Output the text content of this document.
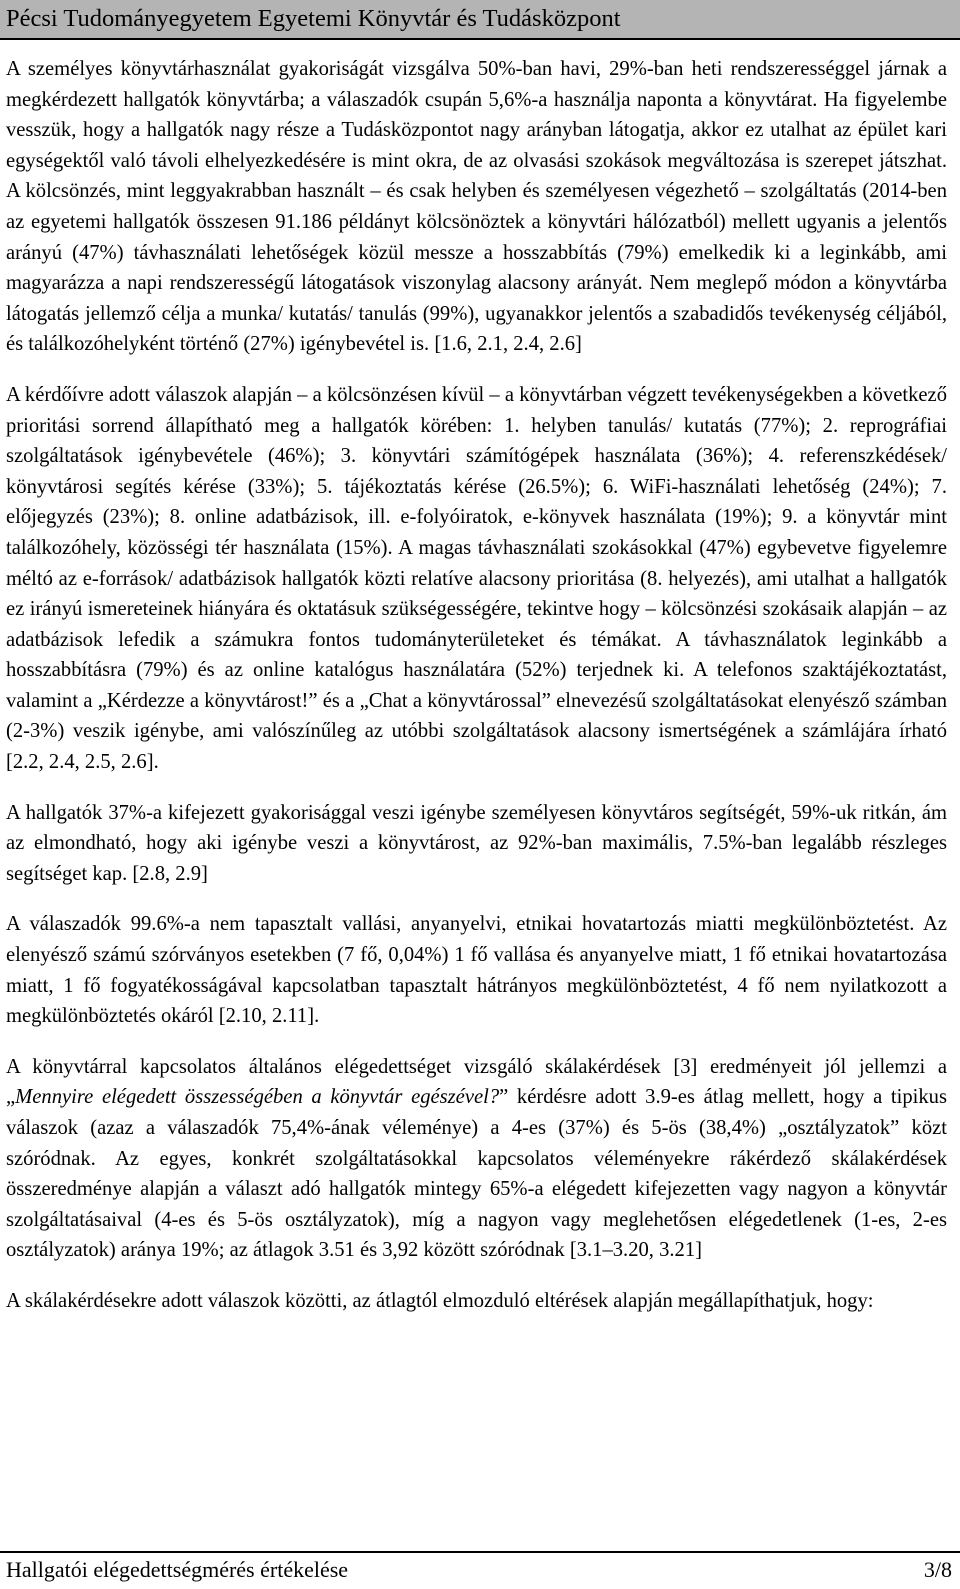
Pécsi Tudományegyetem Egyetemi Könyvtár és Tudásközpont

A személyes könyvtárhasználat gyakoriságát vizsgálva 50%-ban havi, 29%-ban heti rendszerességgel járnak a megkérdezett hallgatók könyvtárba; a válaszadók csupán 5,6%-a használja naponta a könyvtárat. Ha figyelembe vesszük, hogy a hallgatók nagy része a Tudásközpontot nagy arányban látogatja, akkor ez utalhat az épület kari egységektől való távoli elhelyezkedésére is mint okra, de az olvasási szokások megváltozása is szerepet játszhat. A kölcsönzés, mint leggyakrabban használt – és csak helyben és személyesen végezhető – szolgáltatás (2014-ben az egyetemi hallgatók összesen 91.186 példányt kölcsönöztek a könyvtári hálózatból) mellett ugyanis a jelentős arányú (47%) távhasználati lehetőségek közül messze a hosszabbítás (79%) emelkedik ki a leginkább, ami magyarázza a napi rendszerességű látogatások viszonylag alacsony arányát. Nem meglepő módon a könyvtárba látogatás jellemző célja a munka/ kutatás/ tanulás (99%), ugyanakkor jelentős a szabadidős tevékenység céljából, és találkozóhelyként történő (27%) igénybevétel is. [1.6, 2.1, 2.4, 2.6]

A kérdőívre adott válaszok alapján – a kölcsönzésen kívül – a könyvtárban végzett tevékenységekben a következő prioritási sorrend állapítható meg a hallgatók körében: 1. helyben tanulás/ kutatás (77%); 2. reprográfiai szolgáltatások igénybevétele (46%); 3. könyvtári számítógépek használata (36%); 4. referenszkédések/ könyvtárosi segítés kérése (33%); 5. tájékoztatás kérése (26.5%); 6. WiFi-használati lehetőség (24%); 7. előjegyzés (23%); 8. online adatbázisok, ill. e-folyóiratok, e-könyvek használata (19%); 9. a könyvtár mint találkozóhely, közösségi tér használata (15%). A magas távhasználati szokásokkal (47%) egybevetve figyelemre méltó az e-források/ adatbázisok hallgatók közti relatíve alacsony prioritása (8. helyezés), ami utalhat a hallgatók ez irányú ismereteinek hiányára és oktatásuk szükségességére, tekintve hogy – kölcsönzési szokásaik alapján – az adatbázisok lefedik a számukra fontos tudományterületeket és témákat. A távhasználatok leginkább a hosszabbításra (79%) és az online katalógus használatára (52%) terjednek ki. A telefonos szaktájékoztatást, valamint a „Kérdezze a könyvtárost!” és a „Chat a könyvtárossal” elnevezésű szolgáltatásokat elenyésző számban (2-3%) veszik igénybe, ami valószínűleg az utóbbi szolgáltatások alacsony ismertségének a számlájára írható [2.2, 2.4, 2.5, 2.6].

A hallgatók 37%-a kifejezett gyakorisággal veszi igénybe személyesen könyvtáros segítségét, 59%-uk ritkán, ám az elmondható, hogy aki igénybe veszi a könyvtárost, az 92%-ban maximális, 7.5%-ban legalább részleges segítséget kap. [2.8, 2.9]

A válaszadók 99.6%-a nem tapasztalt vallási, anyanyelvi, etnikai hovatartozás miatti megkülönböztetést. Az elenyésző számú szórványos esetekben (7 fő, 0,04%) 1 fő vallása és anyanyelve miatt, 1 fő etnikai hovatartozása miatt, 1 fő fogyatékosságával kapcsolatban tapasztalt hátrányos megkülönböztetést, 4 fő nem nyilatkozott a megkülönböztetés okáról [2.10, 2.11].

A könyvtárral kapcsolatos általános elégedettséget vizsgáló skálakérdések [3] eredményeit jól jellemzi a „Mennyire elégedett összességében a könyvtár egészével?” kérdésre adott 3.9-es átlag mellett, hogy a tipikus válaszok (azaz a válaszadók 75,4%-ának véleménye) a 4-es (37%) és 5-ös (38,4%) „osztályzatok” közt szóródnak. Az egyes, konkrét szolgáltatásokkal kapcsolatos véleményekre rákérdező skálakérdések összeredménye alapján a választ adó hallgatók mintegy 65%-a elégedett kifejezetten vagy nagyon a könyvtár szolgáltatásaival (4-es és 5-ös osztályzatok), míg a nagyon vagy meglehetősen elégedetlenek (1-es, 2-es osztályzatok) aránya 19%; az átlagok 3.51 és 3,92 között szóródnak [3.1–3.20, 3.21]

A skálakérdésekre adott válaszok közötti, az átlagtól elmozduló eltérések alapján megállapíthatjuk, hogy:

Hallgatói elégedettségmérés értékelése	3/8
